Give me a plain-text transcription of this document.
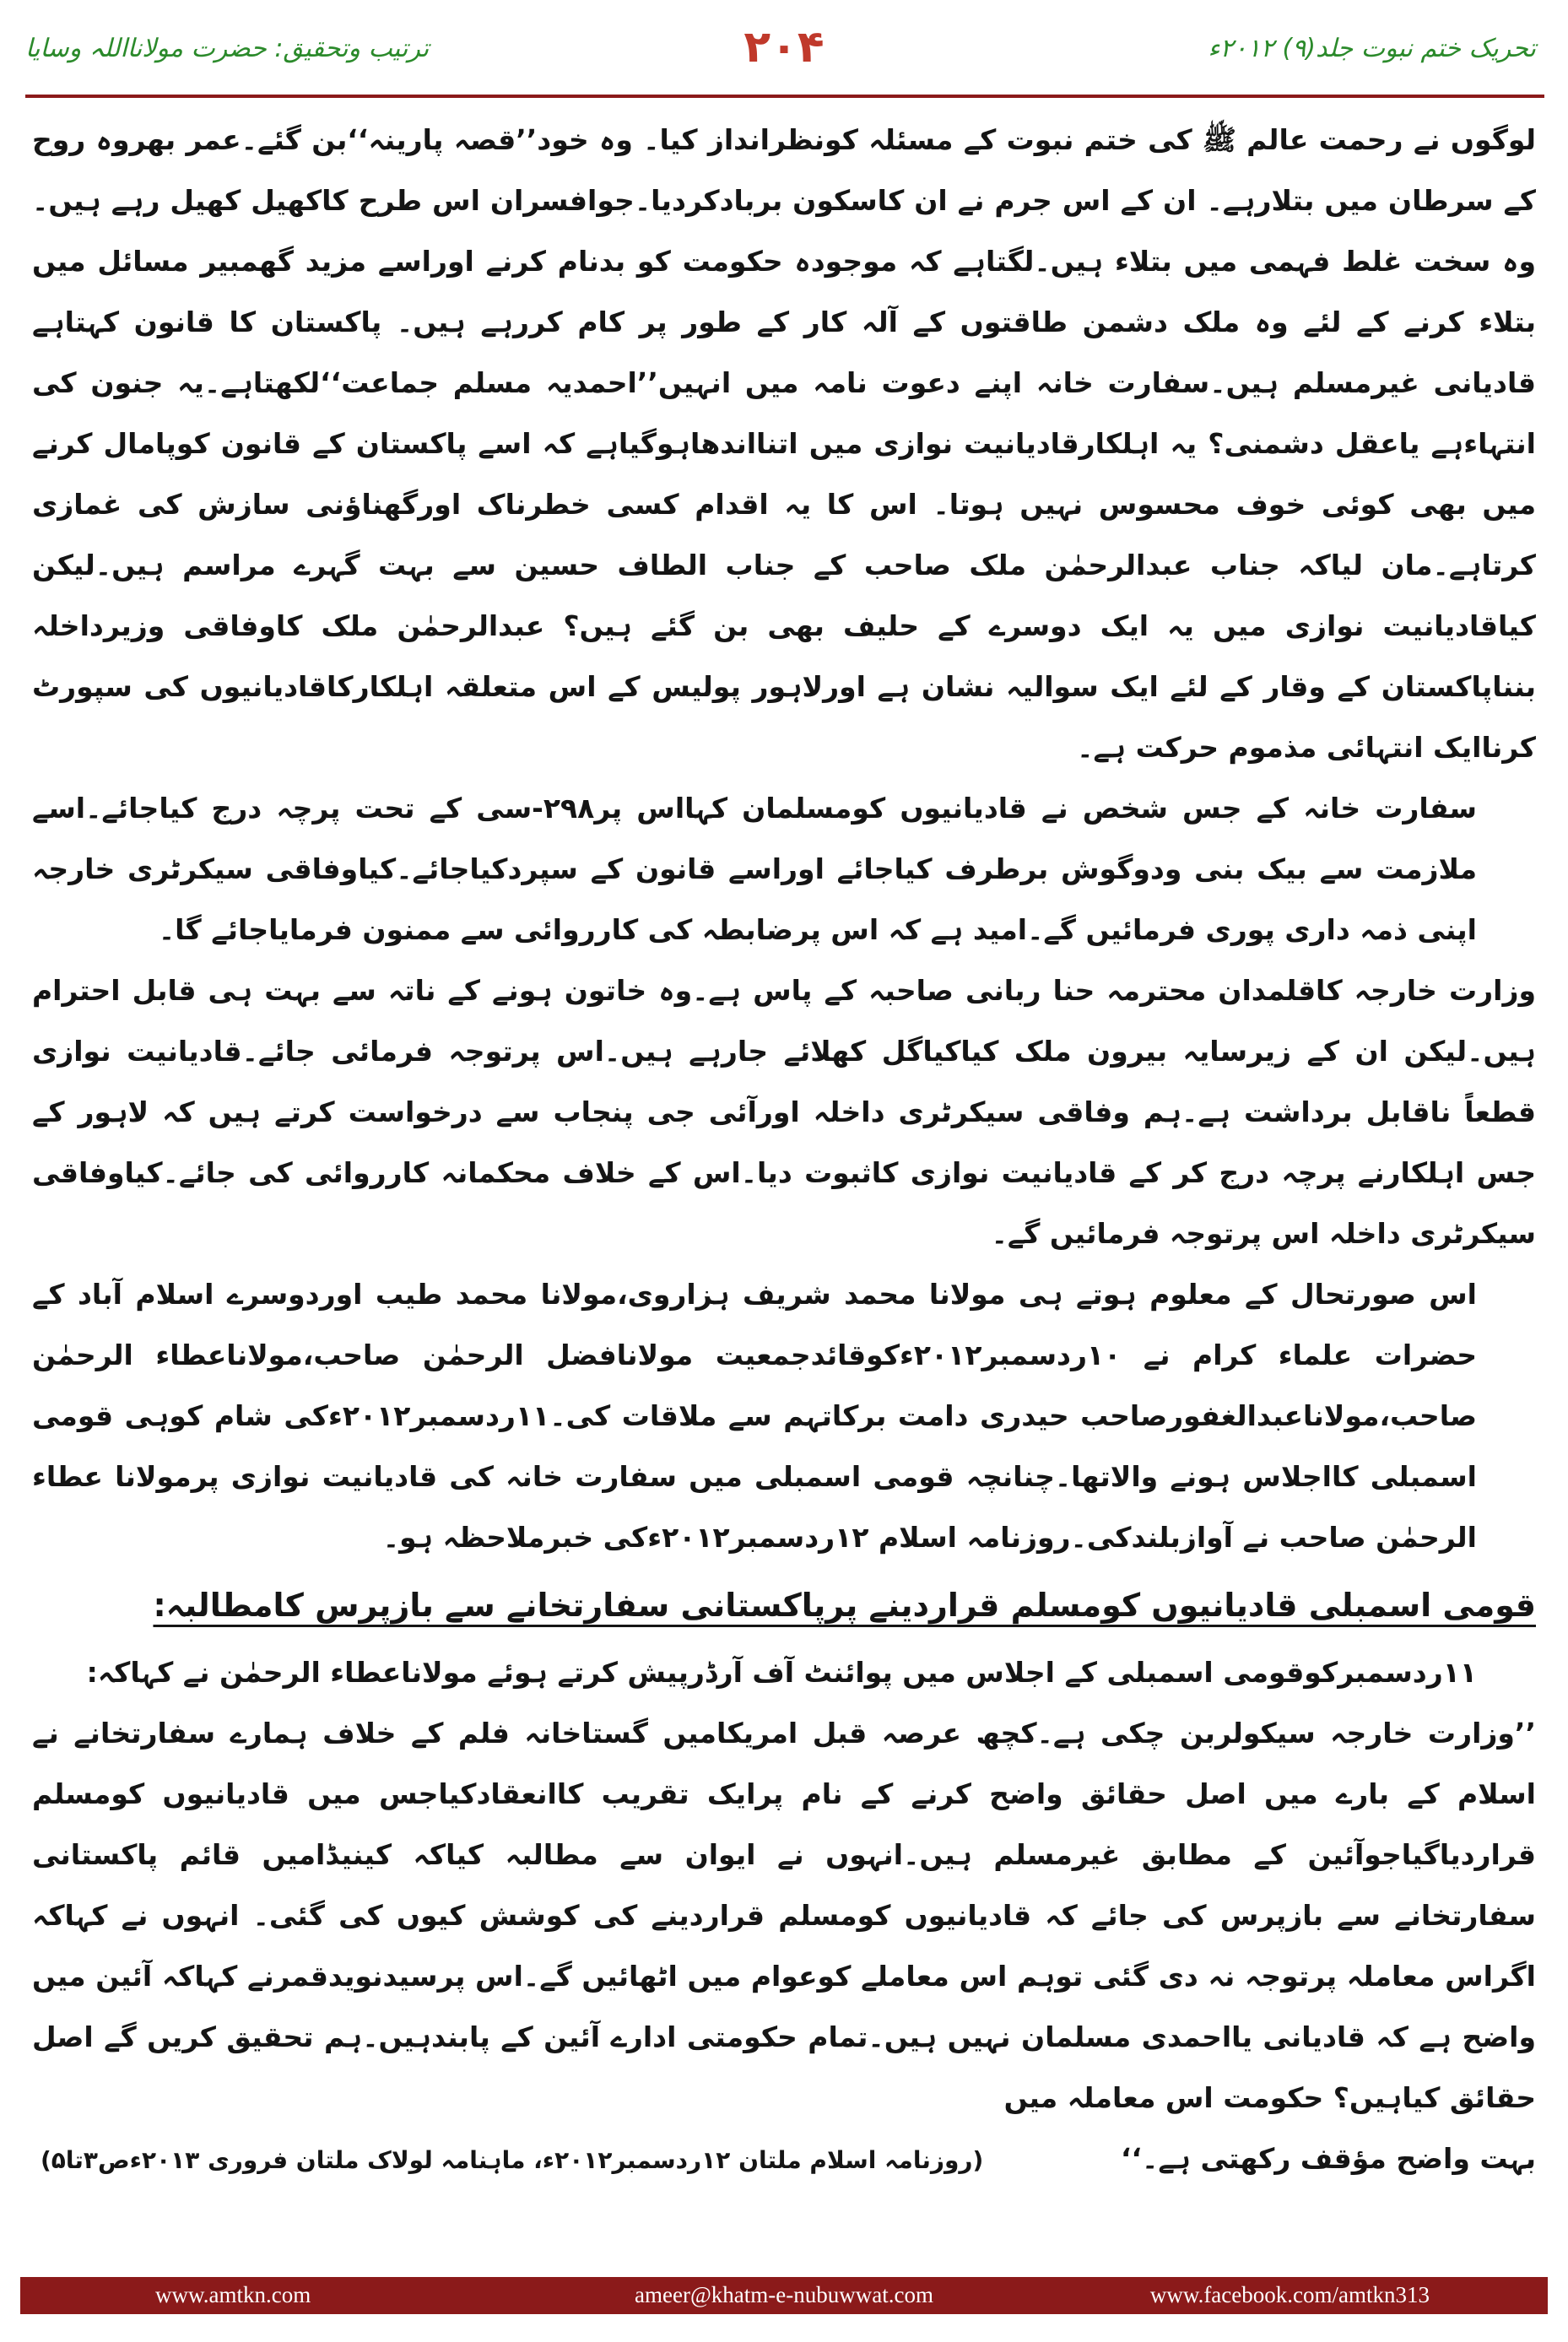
تحریک ختم نبوت جلد(۹) ۲۰۱۲ء
۲۰۴
ترتیب وتحقیق: حضرت مولانااللہ وسایا

لوگوں نے رحمت عالم ﷺ کی ختم نبوت کے مسئلہ کونظرانداز کیا۔ وہ خود’’قصہ پارینہ‘‘بن گئے۔عمر بھروہ روح کے سرطان میں بتلارہے۔ ان کے اس جرم نے ان کاسکون بربادکردیا۔جوافسران اس طرح کاکھیل کھیل رہے ہیں۔وہ سخت غلط فہمی میں بتلاء ہیں۔لگتاہے کہ موجودہ حکومت کو بدنام کرنے اوراسے مزید گھمبیر مسائل میں بتلاء کرنے کے لئے وہ ملک دشمن طاقتوں کے آلہ کار کے طور پر کام کررہے ہیں۔ پاکستان کا قانون کہتاہے قادیانی غیرمسلم ہیں۔سفارت خانہ اپنے دعوت نامہ میں انہیں’’احمدیہ مسلم جماعت‘‘لکھتاہے۔یہ جنون کی انتہاءہے یاعقل دشمنی؟ یہ اہلکارقادیانیت نوازی میں اتنااندھاہوگیاہے کہ اسے پاکستان کے قانون کوپامال کرنے میں بھی کوئی خوف محسوس نہیں ہوتا۔ اس کا یہ اقدام کسی خطرناک اورگھناؤنی سازش کی غمازی کرتاہے۔مان لیاکہ جناب عبدالرحمٰن ملک صاحب کے جناب الطاف حسین سے بہت گہرے مراسم ہیں۔لیکن کیاقادیانیت نوازی میں یہ ایک دوسرے کے حلیف بھی بن گئے ہیں؟ عبدالرحمٰن ملک کاوفاقی وزیرداخلہ بنناپاکستان کے وقار کے لئے ایک سوالیہ نشان ہے اورلاہور پولیس کے اس متعلقہ اہلکارکاقادیانیوں کی سپورٹ کرناایک انتہائی مذموم حرکت ہے۔

سفارت خانہ کے جس شخص نے قادیانیوں کومسلمان کہااس پر۲۹۸-سی کے تحت پرچہ درج کیاجائے۔اسے ملازمت سے بیک بنی ودوگوش برطرف کیاجائے اوراسے قانون کے سپردکیاجائے۔کیاوفاقی سیکرٹری خارجہ اپنی ذمہ داری پوری فرمائیں گے۔امید ہے کہ اس پرضابطہ کی کارروائی سے ممنون فرمایاجائے گا۔

وزارت خارجہ کاقلمدان محترمہ حنا ربانی صاحبہ کے پاس ہے۔وہ خاتون ہونے کے ناتہ سے بہت ہی قابل احترام ہیں۔لیکن ان کے زیرسایہ بیرون ملک کیاکیاگل کھلائے جارہے ہیں۔اس پرتوجہ فرمائی جائے۔قادیانیت نوازی قطعاً ناقابل برداشت ہے۔ہم وفاقی سیکرٹری داخلہ اورآئی جی پنجاب سے درخواست کرتے ہیں کہ لاہور کے جس اہلکارنے پرچہ درج کر کے قادیانیت نوازی کاثبوت دیا۔اس کے خلاف محکمانہ کارروائی کی جائے۔کیاوفاقی سیکرٹری داخلہ اس پرتوجہ فرمائیں گے۔

اس صورتحال کے معلوم ہوتے ہی مولانا محمد شریف ہزاروی،مولانا محمد طیب اوردوسرے اسلام آباد کے حضرات علماء کرام نے ۱۰ردسمبر۲۰۱۲ءکوقائدجمعیت مولانافضل الرحمٰن صاحب،مولاناعطاء الرحمٰن صاحب،مولاناعبدالغفورصاحب حیدری دامت برکاتہم سے ملاقات کی۔۱۱ردسمبر۲۰۱۲ءکی شام کوہی قومی اسمبلی کااجلاس ہونے والاتھا۔چنانچہ قومی اسمبلی میں سفارت خانہ کی قادیانیت نوازی پرمولانا عطاء الرحمٰن صاحب نے آوازبلندکی۔روزنامہ اسلام ۱۲ردسمبر۲۰۱۲ءکی خبرملاحظہ ہو۔

قومی اسمبلی قادیانیوں کومسلم قراردینے پرپاکستانی سفارتخانے سے بازپرس کامطالبہ:

۱۱ردسمبرکوقومی اسمبلی کے اجلاس میں پوائنٹ آف آرڈرپیش کرتے ہوئے مولاناعطاء الرحمٰن نے کہاکہ:

’’وزارت خارجہ سیکولربن چکی ہے۔کچھ عرصہ قبل امریکامیں گستاخانہ فلم کے خلاف ہمارے سفارتخانے نے اسلام کے بارے میں اصل حقائق واضح کرنے کے نام پرایک تقریب کاانعقادکیاجس میں قادیانیوں کومسلم قراردیاگیاجوآئین کے مطابق غیرمسلم ہیں۔انہوں نے ایوان سے مطالبہ کیاکہ کینیڈامیں قائم پاکستانی سفارتخانے سے بازپرس کی جائے کہ قادیانیوں کومسلم قراردینے کی کوشش کیوں کی گئی۔ انہوں نے کہاکہ اگراس معاملہ پرتوجہ نہ دی گئی توہم اس معاملے کوعوام میں اٹھائیں گے۔اس پرسیدنویدقمرنے کہاکہ آئین میں واضح ہے کہ قادیانی یااحمدی مسلمان نہیں ہیں۔تمام حکومتی ادارے آئین کے پابندہیں۔ہم تحقیق کریں گے اصل حقائق کیاہیں؟ حکومت اس معاملہ میں

بہت واضح مؤقف رکھتی ہے۔‘‘
(روزنامہ اسلام ملتان ۱۲ردسمبر۲۰۱۲ء، ماہنامہ لولاک ملتان فروری ۲۰۱۳ءص۳تا۵)
www.amtkn.com	ameer@khatm-e-nubuwwat.com	www.facebook.com/amtkn313
